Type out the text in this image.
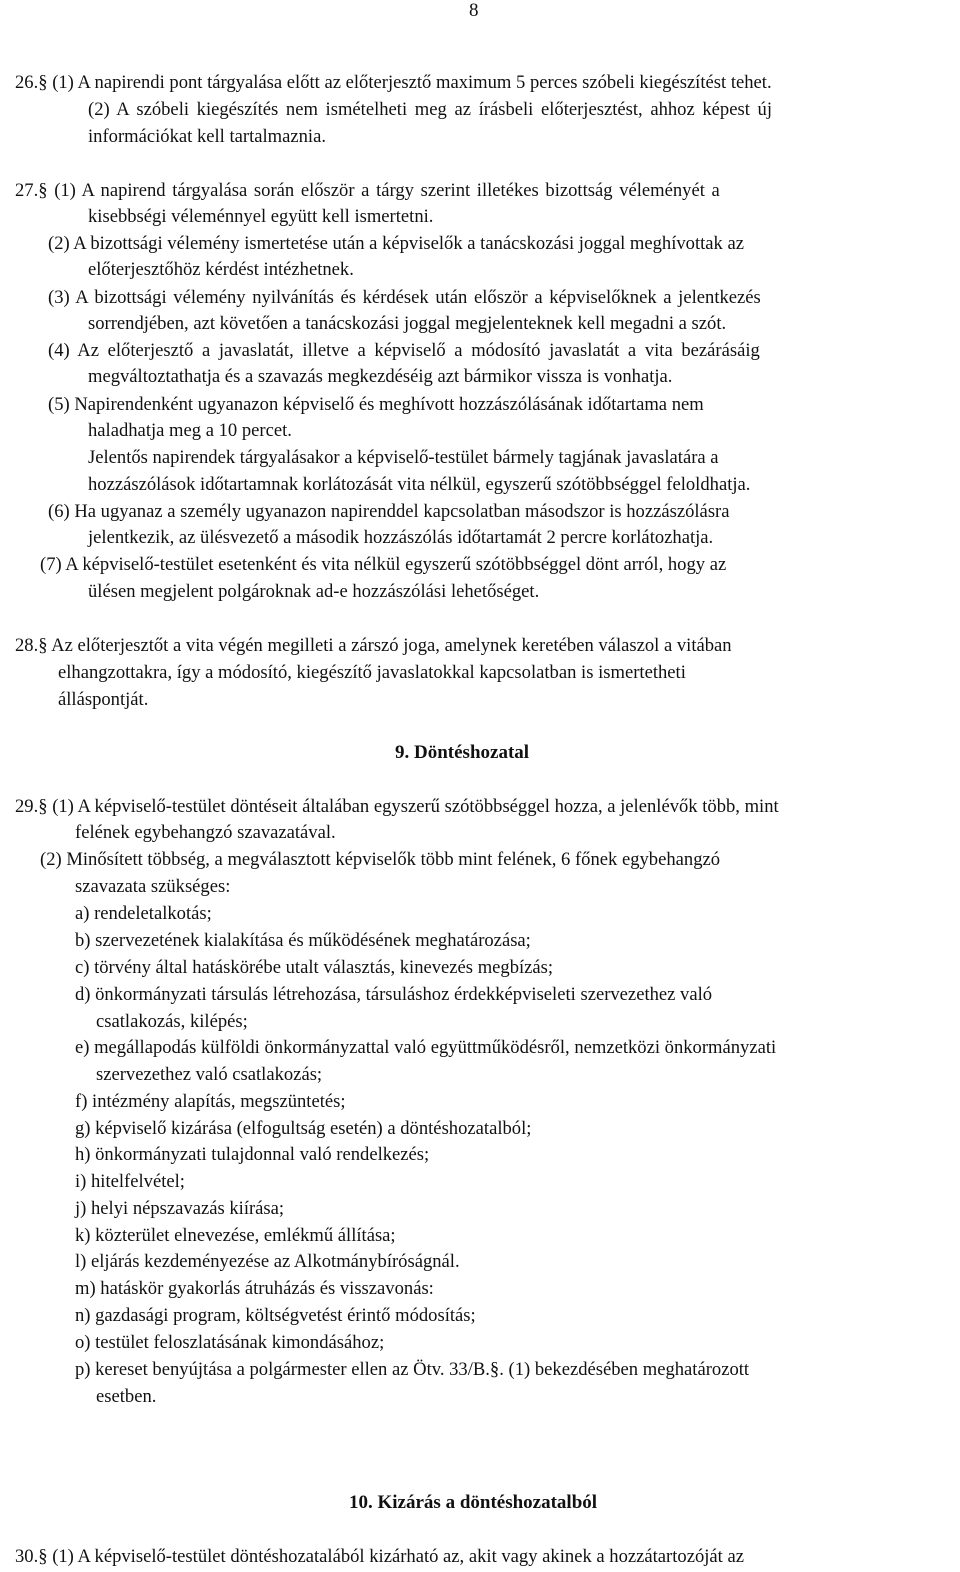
8
26.§ (1) A napirendi pont tárgyalása előtt az előterjesztő maximum 5 perces szóbeli kiegészítést tehet.
(2) A szóbeli kiegészítés nem ismételheti meg az írásbeli előterjesztést, ahhoz képest új
információkat kell tartalmaznia.
27.§ (1) A napirend tárgyalása során először a tárgy szerint illetékes bizottság véleményét a
kisebbségi véleménnyel együtt kell ismertetni.
(2) A bizottsági vélemény ismertetése után a képviselők a tanácskozási joggal meghívottak az
előterjesztőhöz kérdést intézhetnek.
(3) A bizottsági vélemény nyilvánítás és kérdések után először a képviselőknek a jelentkezés
sorrendjében, azt követően a tanácskozási joggal megjelenteknek kell megadni a szót.
(4) Az előterjesztő a javaslatát, illetve a képviselő a módosító javaslatát a vita bezárásáig
megváltoztathatja és a szavazás megkezdéséig azt bármikor vissza is vonhatja.
(5) Napirendenként ugyanazon képviselő és meghívott hozzászólásának időtartama nem
haladhatja meg a 10 percet.
Jelentős napirendek tárgyalásakor a képviselő-testület bármely tagjának javaslatára a
hozzászólások időtartamnak korlátozását vita nélkül, egyszerű szótöbbséggel feloldhatja.
(6) Ha ugyanaz a személy ugyanazon napirenddel kapcsolatban másodszor is hozzászólásra
jelentkezik, az ülésvezető a második hozzászólás időtartamát 2 percre korlátozhatja.
(7) A képviselő-testület esetenként és vita nélkül egyszerű szótöbbséggel dönt arról, hogy az
ülésen megjelent polgároknak ad-e hozzászólási lehetőséget.
28.§ Az előterjesztőt a vita végén megilleti a zárszó joga, amelynek keretében válaszol a vitában
elhangzottakra, így a módosító, kiegészítő javaslatokkal kapcsolatban is ismertetheti
álláspontját.
9. Döntéshozatal
29.§ (1) A képviselő-testület döntéseit általában egyszerű szótöbbséggel hozza, a jelenlévők több, mint
felének egybehangzó szavazatával.
(2) Minősített többség, a megválasztott képviselők több mint felének, 6 főnek egybehangzó
szavazata szükséges:
a) rendeletalkotás;
b) szervezetének kialakítása és működésének meghatározása;
c) törvény által hatáskörébe utalt választás, kinevezés megbízás;
d) önkormányzati társulás létrehozása, társuláshoz érdekképviseleti szervezethez való
csatlakozás, kilépés;
e) megállapodás külföldi önkormányzattal való együttműködésről, nemzetközi önkormányzati
szervezethez való csatlakozás;
f) intézmény alapítás, megszüntetés;
g) képviselő kizárása (elfogultság esetén) a döntéshozatalból;
h) önkormányzati tulajdonnal való rendelkezés;
i) hitelfelvétel;
j) helyi népszavazás kiírása;
k) közterület elnevezése, emlékmű állítása;
l) eljárás kezdeményezése az Alkotmánybíróságnál.
m) hatáskör gyakorlás átruházás és visszavonás:
n) gazdasági program, költségvetést érintő módosítás;
o) testület feloszlatásának kimondásához;
p) kereset benyújtása a polgármester ellen az Ötv. 33/B.§. (1) bekezdésében meghatározott
esetben.
10. Kizárás a döntéshozatalból
30.§ (1) A képviselő-testület döntéshozatalából kizárható az, akit vagy akinek a hozzátartozóját az
